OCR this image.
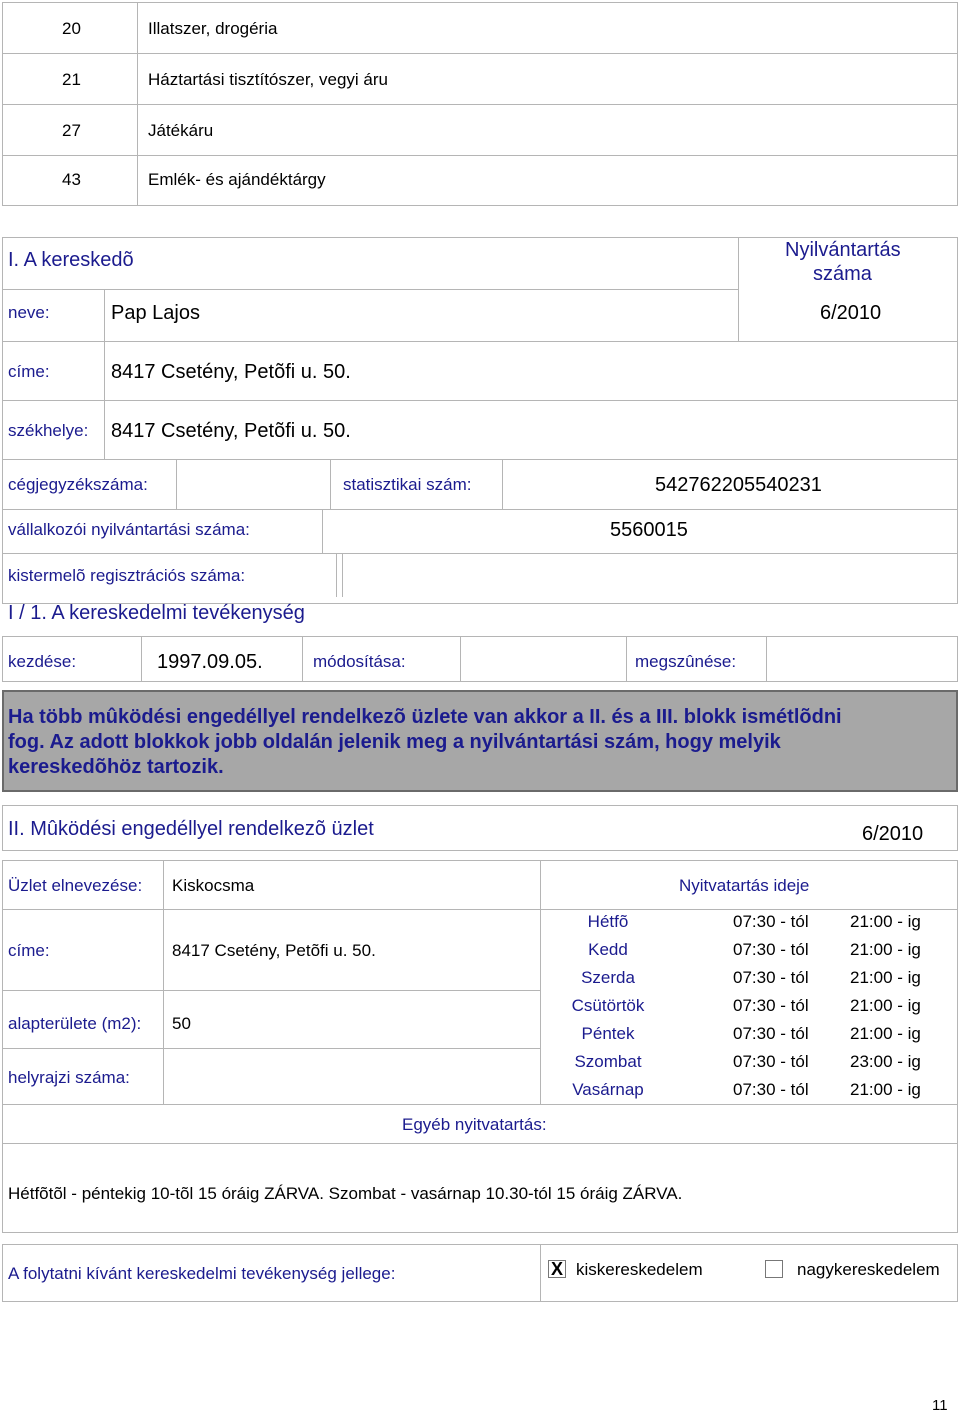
20	Illatszer, drogéria
21	Háztartási tisztítószer, vegyi áru
27	Játékáru
43	Emlék- és ajándéktárgy
I. A kereskedõ	Nyilvántartás
száma
neve:	Pap Lajos	6/2010
címe:	8417 Csetény, Petõfi u. 50.
székhelye: 8417 Csetény, Petõfi u. 50.
cégjegyzékszáma:	statisztikai szám:	542762205540231
vállalkozói nyilvántartási száma:	5560015
kistermelõ regisztrációs száma:
I / 1. A kereskedelmi tevékenység
kezdése:	1997.09.05.	módosítása:	megszûnése:
Ha több mûködési engedéllyel rendelkezõ üzlete van akkor a II. és a III. blokk ismétlõdni
fog. Az adott blokkok jobb oldalán jelenik meg a nyilvántartási szám, hogy melyik
kereskedõhöz tartozik.
II. Mûködési engedéllyel rendelkezõ üzlet	6/2010
Üzlet elnevezése: Kiskocsma	Nyitvatartás ideje
címe:	8417 Csetény, Petõfi u. 50.
alapterülete (m2): 50
helyrajzi száma:
Hétfõ	07:30 - tól 21:00 - ig
Kedd	07:30 - tól 21:00 - ig
Szerda	07:30 - tól 21:00 - ig
Csütörtök	07:30 - tól 21:00 - ig
Péntek	07:30 - tól 21:00 - ig
Szombat	07:30 - tól 23:00 - ig
Vasárnap	07:30 - tól 21:00 - ig
Egyéb nyitvatartás:
Hétfõtõl - péntekig 10-tõl 15 óráig ZÁRVA. Szombat - vasárnap 10.30-tól 15 óráig ZÁRVA.
A folytatni kívánt kereskedelmi tevékenység jellege:	X kiskereskedelem	nagykereskedelem
11
